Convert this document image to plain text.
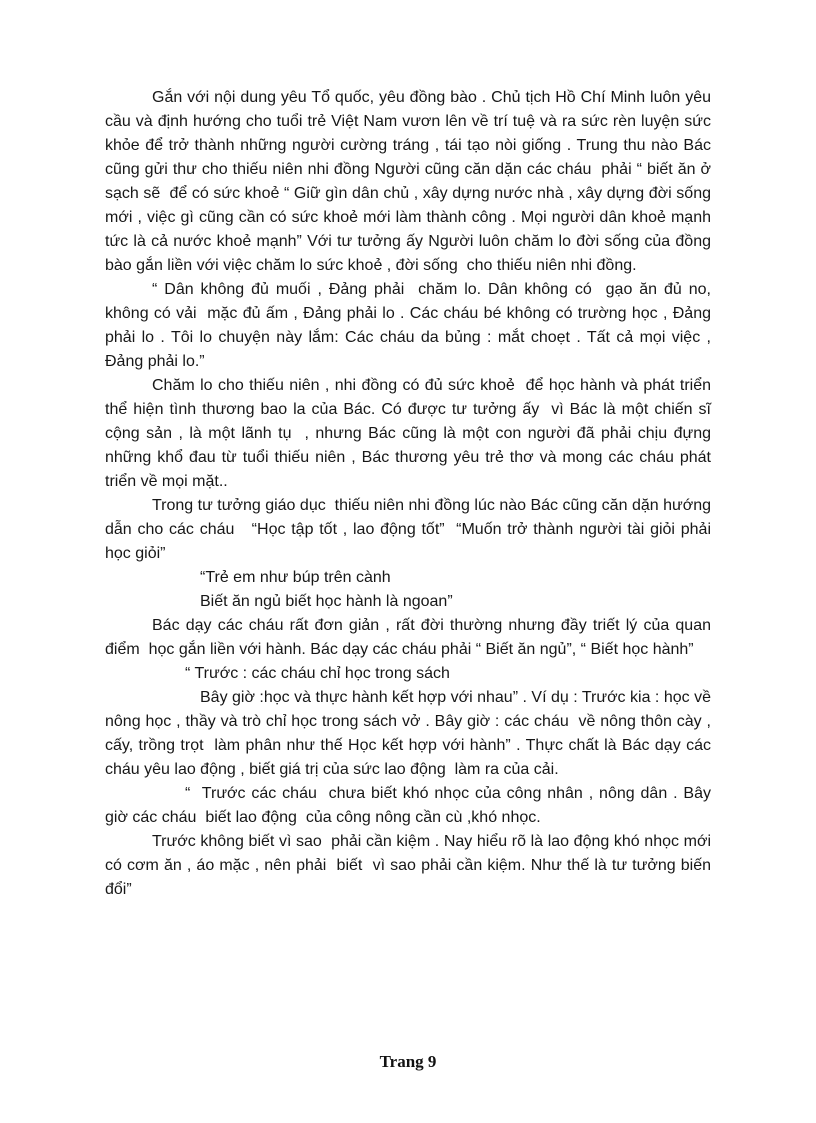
Gắn với nội dung yêu Tổ quốc, yêu đồng bào . Chủ tịch Hồ Chí Minh luôn yêu cầu và định hướng cho tuổi trẻ Việt Nam vươn lên về trí tuệ và ra sức rèn luyện sức khỏe để trở thành những người cường tráng , tái tạo nòi giống . Trung thu nào Bác cũng gửi thư cho thiếu niên nhi đồng Người cũng căn dặn các cháu  phải “ biết ăn ở sạch sẽ  để có sức khoẻ “ Giữ gìn dân chủ , xây dựng nước nhà , xây dựng đời sống mới , việc gì cũng cần có sức khoẻ mới làm thành công . Mọi người dân khoẻ mạnh tức là cả nước khoẻ mạnh” Với tư tưởng ấy Người luôn chăm lo đời sống của đồng bào gắn liền với việc chăm lo sức khoẻ , đời sống  cho thiếu niên nhi đồng.

“ Dân không đủ muối , Đảng phải  chăm lo. Dân không có  gạo ăn đủ no, không có vải  mặc đủ ấm , Đảng phải lo . Các cháu bé không có trường học , Đảng phải lo . Tôi lo chuyện này lắm: Các cháu da bủng : mắt choẹt . Tất cả mọi việc , Đảng phải lo.”

Chăm lo cho thiếu niên , nhi đồng có đủ sức khoẻ  để học hành và phát triển  thể hiện tình thương bao la của Bác. Có được tư tưởng ấy  vì Bác là một chiến sĩ  cộng sản , là một lãnh tụ  , nhưng Bác cũng là một con người đã phải chịu đựng  những khổ đau từ tuổi thiếu niên , Bác thương yêu trẻ thơ và mong các cháu phát triển về mọi mặt..

Trong tư tưởng giáo dục  thiếu niên nhi đồng lúc nào Bác cũng căn dặn hướng dẫn cho các cháu   “Học tập tốt , lao động tốt”  “Muốn trở thành người tài giỏi phải học giỏi”

“Trẻ em như búp trên cành

Biết ăn ngủ biết học hành là ngoan”

Bác dạy các cháu rất đơn giản , rất đời thường nhưng đầy triết lý của quan điểm  học gắn liền với hành. Bác dạy các cháu phải “ Biết ăn ngủ”, “ Biết học hành”

“ Trước : các cháu chỉ học trong sách

Bây giờ :học và thực hành kết hợp với nhau” . Ví dụ : Trước kia : học về nông học , thầy và trò chỉ học trong sách vở . Bây giờ : các cháu  về nông thôn cày , cấy, trồng trọt  làm phân như thế Học kết hợp với hành” . Thực chất là Bác dạy các cháu yêu lao động , biết giá trị của sức lao động  làm ra của cải.

“  Trước các cháu  chưa biết khó nhọc của công nhân , nông dân . Bây giờ các cháu  biết lao động  của công nông cần cù ,khó nhọc.

Trước không biết vì sao  phải cần kiệm . Nay hiểu rõ là lao động khó nhọc mới có cơm ăn , áo mặc , nên phải  biết  vì sao phải cần kiệm. Như thế là tư tưởng biến đổi”

Trang 9
